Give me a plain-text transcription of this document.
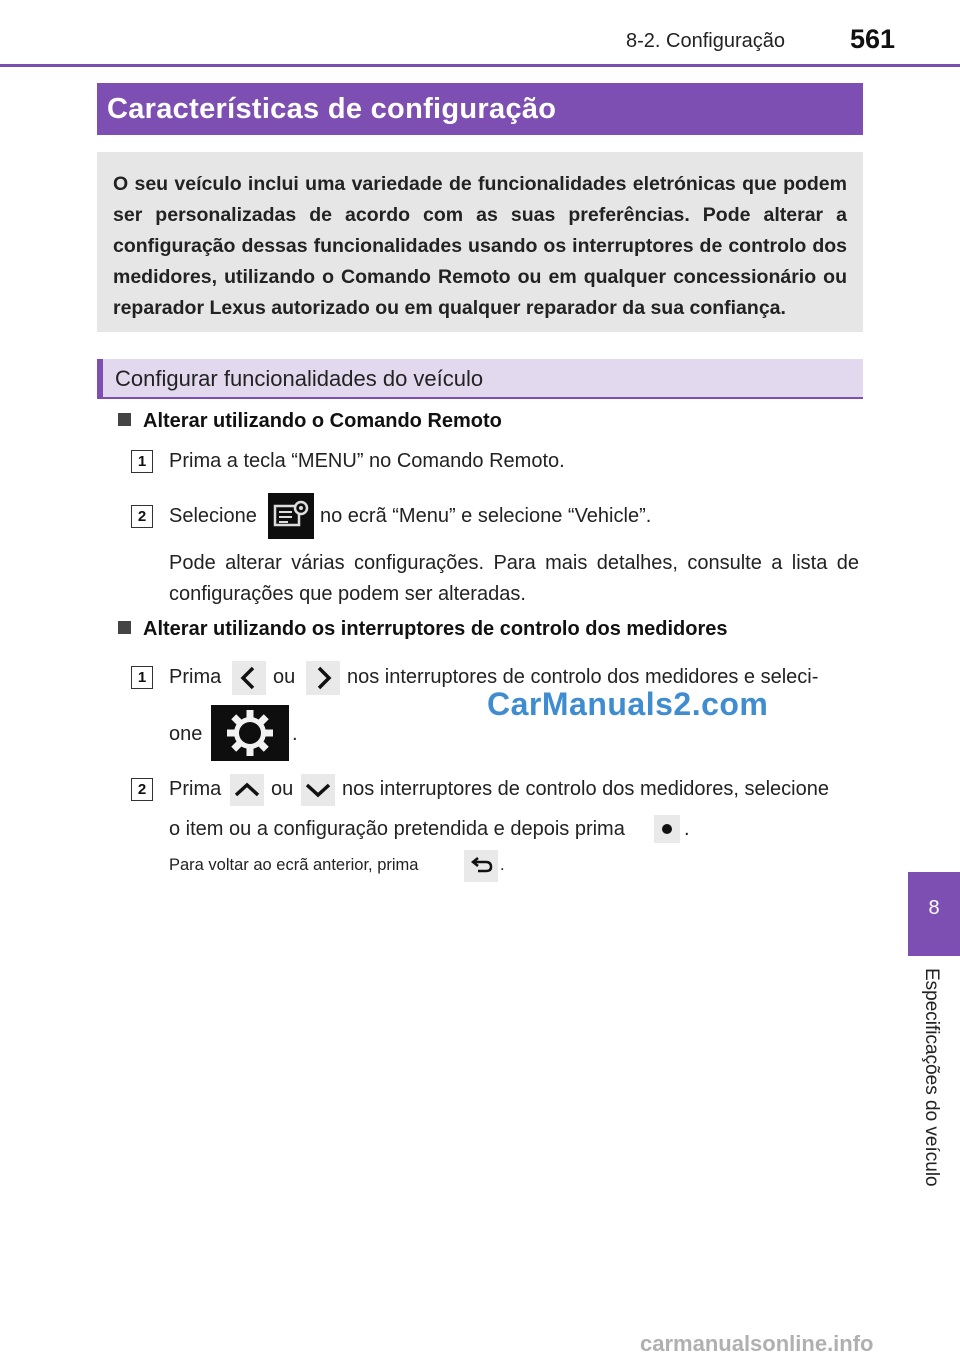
8-2. Configuração 561
Características de configuração
O seu veículo inclui uma variedade de funcionalidades eletrónicas que podem ser personalizadas de acordo com as suas preferências. Pode alterar a configuração dessas funcionalidades usando os interruptores de controlo dos medidores, utilizando o Comando Remoto ou em qualquer concessionário ou reparador Lexus autorizado ou em qualquer reparador da sua confiança.
Configurar funcionalidades do veículo
Alterar utilizando o Comando Remoto
1	Prima a tecla “MENU” no Comando Remoto.
2	Selecione	no ecrã “Menu” e selecione “Vehicle”.
Pode alterar várias configurações. Para mais detalhes, consulte a lista de configurações que podem ser alteradas.
Alterar utilizando os interruptores de controlo dos medidores
1	Prima	ou	nos interruptores de controlo dos medidores e seleci-
one	.
2	Prima ou nos interruptores de controlo dos medidores, selecione
o item ou a configuração pretendida e depois prima	.
Para voltar ao ecrã anterior, prima	.
CarManuals2.com
8
Especificações do veículo
carmanualsonline.info
